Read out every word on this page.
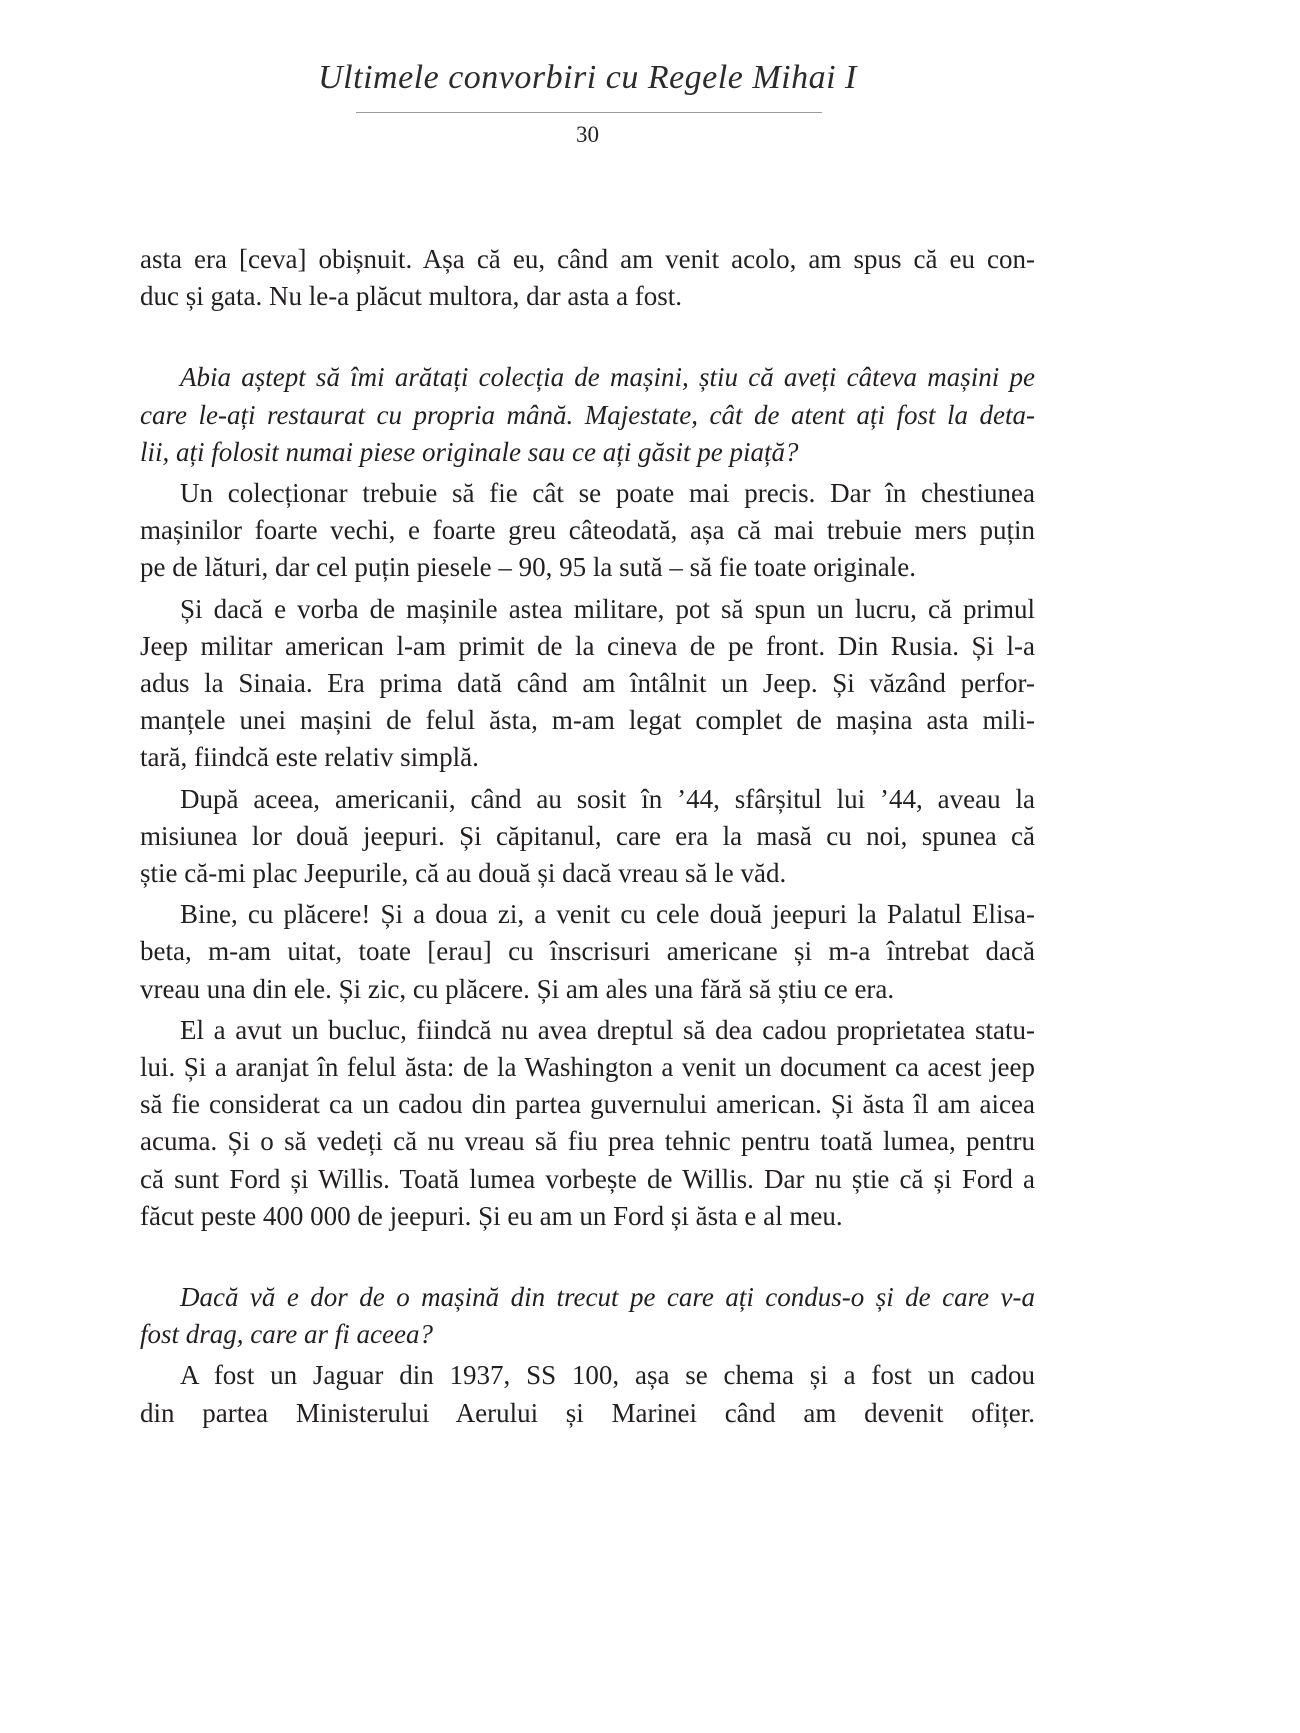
Ultimele convorbiri cu Regele Mihai I
30
asta era [ceva] obișnuit. Așa că eu, când am venit acolo, am spus că eu con-
duc și gata. Nu le-a plăcut multora, dar asta a fost.
Abia aștept să îmi arătați colecția de mașini, știu că aveți câteva mașini pe
care le-ați restaurat cu propria mână. Majestate, cât de atent ați fost la deta-
lii, ați folosit numai piese originale sau ce ați găsit pe piață?
Un colecționar trebuie să fie cât se poate mai precis. Dar în chestiunea
mașinilor foarte vechi, e foarte greu câteodată, așa că mai trebuie mers puțin
pe de lături, dar cel puțin piesele – 90, 95 la sută – să fie toate originale.
Și dacă e vorba de mașinile astea militare, pot să spun un lucru, că primul
Jeep militar american l-am primit de la cineva de pe front. Din Rusia. Și l-a
adus la Sinaia. Era prima dată când am întâlnit un Jeep. Și văzând perfor-
manțele unei mașini de felul ăsta, m-am legat complet de mașina asta mili-
tară, fiindcă este relativ simplă.
După aceea, americanii, când au sosit în ’44, sfârșitul lui ’44, aveau la
misiunea lor două jeepuri. Și căpitanul, care era la masă cu noi, spunea că
știe că-mi plac Jeepurile, că au două și dacă vreau să le văd.
Bine, cu plăcere! Și a doua zi, a venit cu cele două jeepuri la Palatul Elisa-
beta, m-am uitat, toate [erau] cu înscrisuri americane și m-a întrebat dacă
vreau una din ele. Și zic, cu plăcere. Și am ales una fără să știu ce era.
El a avut un bucluc, fiindcă nu avea dreptul să dea cadou proprietatea statu-
lui. Și a aranjat în felul ăsta: de la Washington a venit un document ca acest jeep
să fie considerat ca un cadou din partea guvernului american. Și ăsta îl am aicea
acuma. Și o să vedeți că nu vreau să fiu prea tehnic pentru toată lumea, pentru
că sunt Ford și Willis. Toată lumea vorbește de Willis. Dar nu știe că și Ford a
făcut peste 400 000 de jeepuri. Și eu am un Ford și ăsta e al meu.
Dacă vă e dor de o mașină din trecut pe care ați condus-o și de care v-a
fost drag, care ar fi aceea?
A fost un Jaguar din 1937, SS 100, așa se chema și a fost un cadou
din partea Ministerului Aerului și Marinei când am devenit ofițer.
